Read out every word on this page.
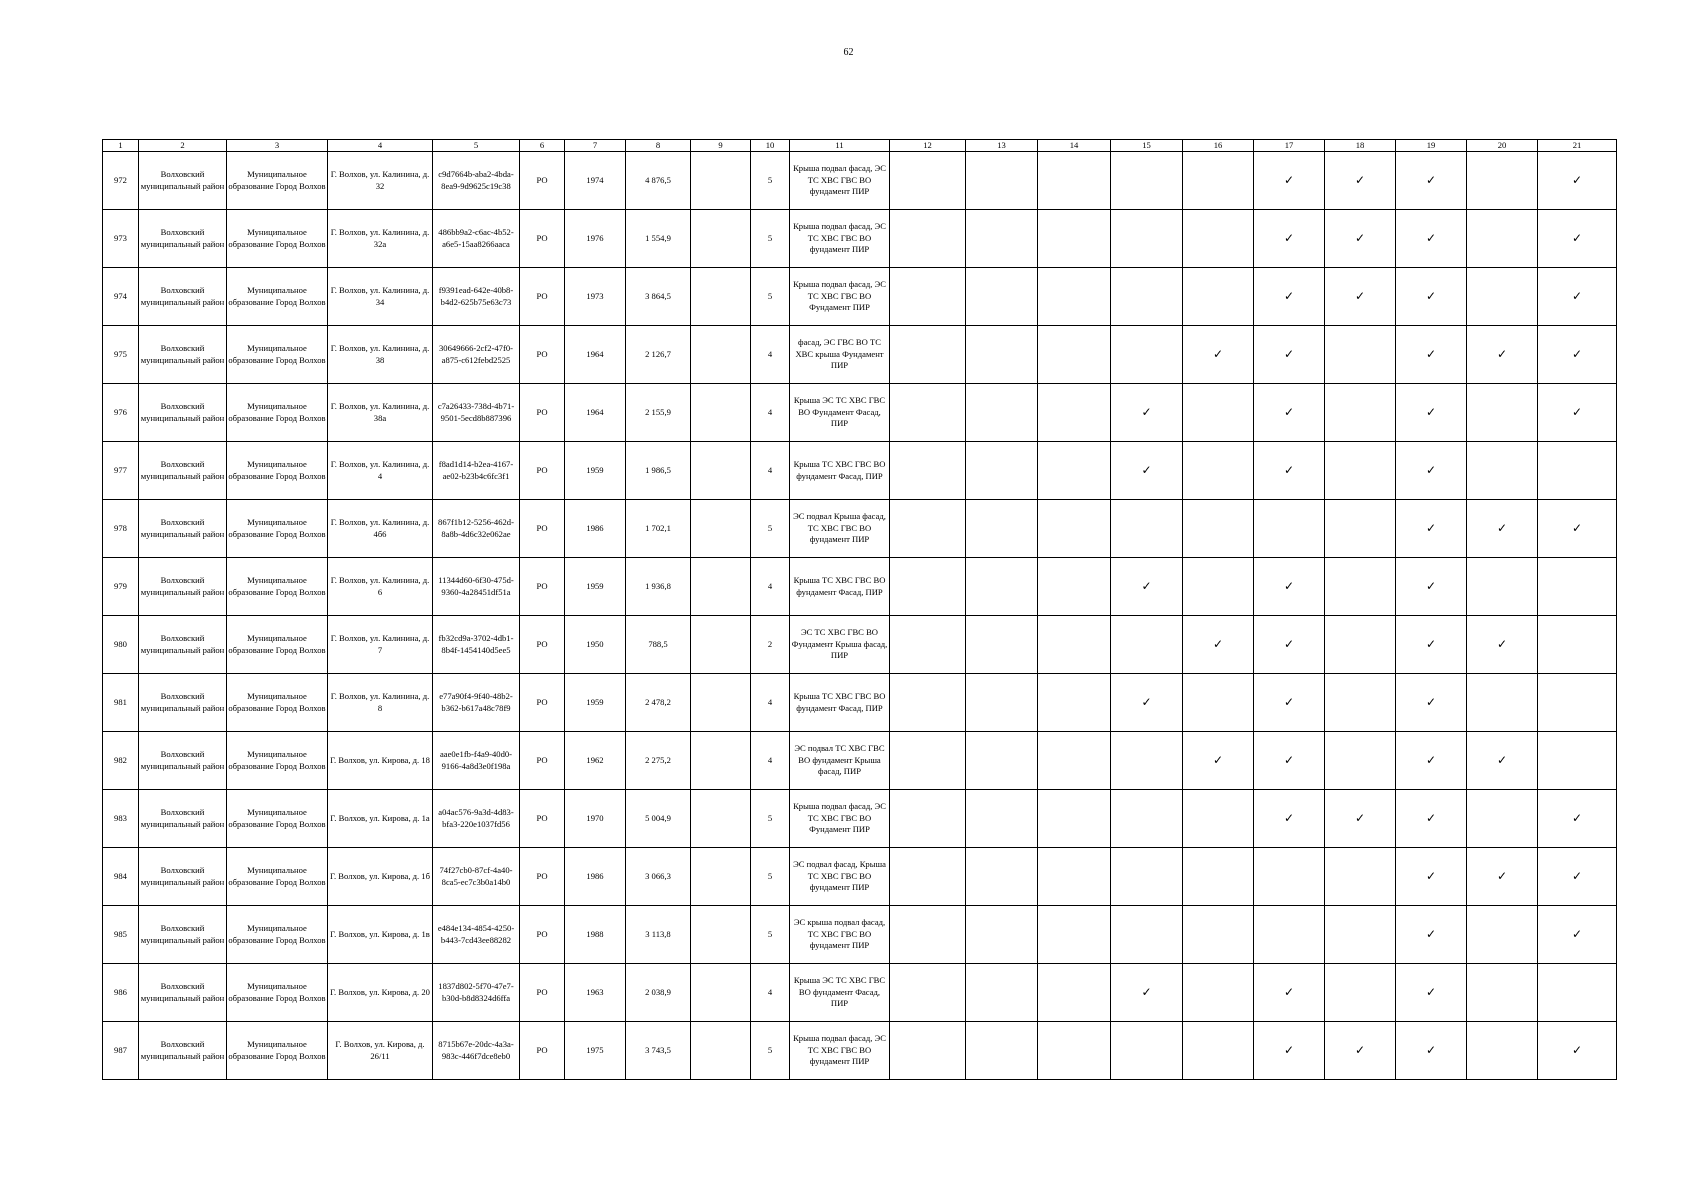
62
1	2	3	4	5	6	7	8	9	10	11	12	13	14	15	16	17	18	19	20	21
972	Волховский муниципальный район	Муниципальное образование Город Волхов	Г. Волхов, ул. Калинина, д. 32	c9d7664b-aba2-4bda-8ea9-9d9625c19c38	РО	1974	4 876,5		5	Крыша подвал фасад, ЭС ТС ХВС ГВС ВО фундамент ПИР						✓	✓	✓		✓
973	Волховский муниципальный район	Муниципальное образование Город Волхов	Г. Волхов, ул. Калинина, д. 32а	486bb9a2-c6ac-4b52-a6e5-15aa8266aaca	РО	1976	1 554,9		5	Крыша подвал фасад, ЭС ТС ХВС ГВС ВО фундамент ПИР						✓	✓	✓		✓
974	Волховский муниципальный район	Муниципальное образование Город Волхов	Г. Волхов, ул. Калинина, д. 34	f9391ead-642e-40b8-b4d2-625b75e63c73	РО	1973	3 864,5		5	Крыша подвал фасад, ЭС ТС ХВС ГВС ВО Фундамент ПИР						✓	✓	✓		✓
975	Волховский муниципальный район	Муниципальное образование Город Волхов	Г. Волхов, ул. Калинина, д. 38	30649666-2cf2-47f0-a875-c612febd2525	РО	1964	2 126,7		4	фасад, ЭС ГВС ВО ТС ХВС крыша Фундамент ПИР					✓	✓		✓	✓	✓
976	Волховский муниципальный район	Муниципальное образование Город Волхов	Г. Волхов, ул. Калинина, д. 38а	c7a26433-738d-4b71-9501-5ecd8b887396	РО	1964	2 155,9		4	Крыша ЭС ТС ХВС ГВС ВО Фундамент Фасад, ПИР				✓		✓		✓		✓
977	Волховский муниципальный район	Муниципальное образование Город Волхов	Г. Волхов, ул. Калинина, д. 4	f8ad1d14-b2ea-4167-ae02-b23b4c6fc3f1	РО	1959	1 986,5		4	Крыша ТС ХВС ГВС ВО фундамент Фасад, ПИР				✓		✓		✓		
978	Волховский муниципальный район	Муниципальное образование Город Волхов	Г. Волхов, ул. Калинина, д. 4б6	867f1b12-5256-462d-8a8b-4d6c32e062ae	РО	1986	1 702,1		5	ЭС подвал Крыша фасад, ТС ХВС ГВС ВО фундамент ПИР								✓	✓	✓
979	Волховский муниципальный район	Муниципальное образование Город Волхов	Г. Волхов, ул. Калинина, д. 6	11344d60-6f30-475d-9360-4a28451df51a	РО	1959	1 936,8		4	Крыша ТС ХВС ГВС ВО фундамент Фасад, ПИР				✓		✓		✓		
980	Волховский муниципальный район	Муниципальное образование Город Волхов	Г. Волхов, ул. Калинина, д. 7	fb32cd9a-3702-4db1-8b4f-1454140d5ee5	РО	1950	788,5		2	ЭС ТС ХВС ГВС ВО Фундамент Крыша фасад, ПИР					✓	✓		✓	✓	
981	Волховский муниципальный район	Муниципальное образование Город Волхов	Г. Волхов, ул. Калинина, д. 8	e77a90f4-9f40-48b2-b362-b617a48c78f9	РО	1959	2 478,2		4	Крыша ТС ХВС ГВС ВО фундамент Фасад, ПИР				✓		✓		✓		
982	Волховский муниципальный район	Муниципальное образование Город Волхов	Г. Волхов, ул. Кирова, д. 18	aae0e1fb-f4a9-40d0-9166-4a8d3e0f198a	РО	1962	2 275,2		4	ЭС подвал ТС ХВС ГВС ВО фундамент Крыша фасад, ПИР					✓	✓		✓	✓	
983	Волховский муниципальный район	Муниципальное образование Город Волхов	Г. Волхов, ул. Кирова, д. 1а	a04ac576-9a3d-4d83-bfa3-220e1037fd56	РО	1970	5 004,9		5	Крыша подвал фасад, ЭС ТС ХВС ГВС ВО Фундамент ПИР						✓	✓	✓		✓
984	Волховский муниципальный район	Муниципальное образование Город Волхов	Г. Волхов, ул. Кирова, д. 1б	74f27cb0-87cf-4a40-8ca5-ec7c3b0a14b0	РО	1986	3 066,3		5	ЭС подвал фасад, Крыша ТС ХВС ГВС ВО фундамент ПИР								✓	✓	✓
985	Волховский муниципальный район	Муниципальное образование Город Волхов	Г. Волхов, ул. Кирова, д. 1в	e484e134-4854-4250-b443-7cd43ee88282	РО	1988	3 113,8		5	ЭС крыша подвал фасад, ТС ХВС ГВС ВО фундамент ПИР								✓		✓
986	Волховский муниципальный район	Муниципальное образование Город Волхов	Г. Волхов, ул. Кирова, д. 20	1837d802-5f70-47e7-b30d-b8d8324d6ffa	РО	1963	2 038,9		4	Крыша ЭС ТС ХВС ГВС ВО фундамент Фасад, ПИР				✓		✓		✓		
987	Волховский муниципальный район	Муниципальное образование Город Волхов	Г. Волхов, ул. Кирова, д. 26/11	8715b67e-20dc-4a3a-983c-446f7dce8eb0	РО	1975	3 743,5		5	Крыша подвал фасад, ЭС ТС ХВС ГВС ВО фундамент ПИР						✓	✓	✓		✓
